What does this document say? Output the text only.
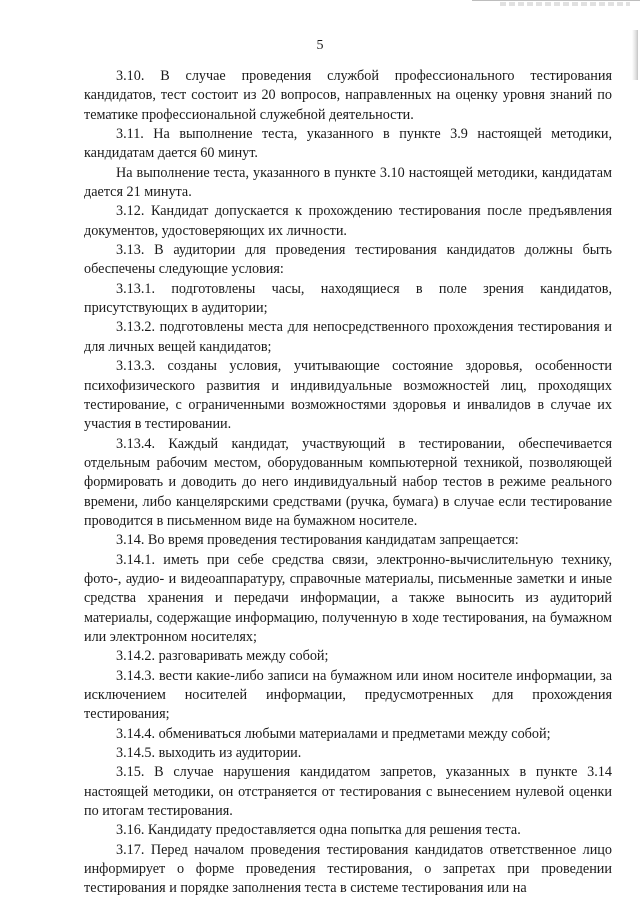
5

3.10. В случае проведения службой профессионального тестирования кандидатов, тест состоит из 20 вопросов, направленных на оценку уровня знаний по тематике профессиональной служебной деятельности.

3.11. На выполнение теста, указанного в пункте 3.9 настоящей методики, кандидатам дается 60 минут.

На выполнение теста, указанного в пункте 3.10 настоящей методики, кандидатам дается 21 минута.

3.12. Кандидат допускается к прохождению тестирования после предъявления документов, удостоверяющих их личности.

3.13. В аудитории для проведения тестирования кандидатов должны быть обеспечены следующие условия:

3.13.1. подготовлены часы, находящиеся в поле зрения кандидатов, присутствующих в аудитории;

3.13.2. подготовлены места для непосредственного прохождения тестирования и для личных вещей кандидатов;

3.13.3. созданы условия, учитывающие состояние здоровья, особенности психофизического развития и индивидуальные возможностей лиц, проходящих тестирование, с ограниченными возможностями здоровья и инвалидов в случае их участия в тестировании.

3.13.4. Каждый кандидат, участвующий в тестировании, обеспечивается отдельным рабочим местом, оборудованным компьютерной техникой, позволяющей формировать и доводить до него индивидуальный набор тестов в режиме реального времени, либо канцелярскими средствами (ручка, бумага) в случае если тестирование проводится в письменном виде на бумажном носителе.

3.14. Во время проведения тестирования кандидатам запрещается:

3.14.1. иметь при себе средства связи, электронно-вычислительную технику, фото-, аудио- и видеоаппаратуру, справочные материалы, письменные заметки и иные средства хранения и передачи информации, а также выносить из аудиторий материалы, содержащие информацию, полученную в ходе тестирования, на бумажном или электронном носителях;

3.14.2. разговаривать между собой;

3.14.3. вести какие-либо записи на бумажном или ином носителе информации, за исключением носителей информации, предусмотренных для прохождения тестирования;

3.14.4. обмениваться любыми материалами и предметами между собой;

3.14.5. выходить из аудитории.

3.15. В случае нарушения кандидатом запретов, указанных в пункте 3.14 настоящей методики, он отстраняется от тестирования с вынесением нулевой оценки по итогам тестирования.

3.16. Кандидату предоставляется одна попытка для решения теста.

3.17. Перед началом проведения тестирования кандидатов ответственное лицо информирует о форме проведения тестирования, о запретах при проведении тестирования и порядке заполнения теста в системе тестирования или на
